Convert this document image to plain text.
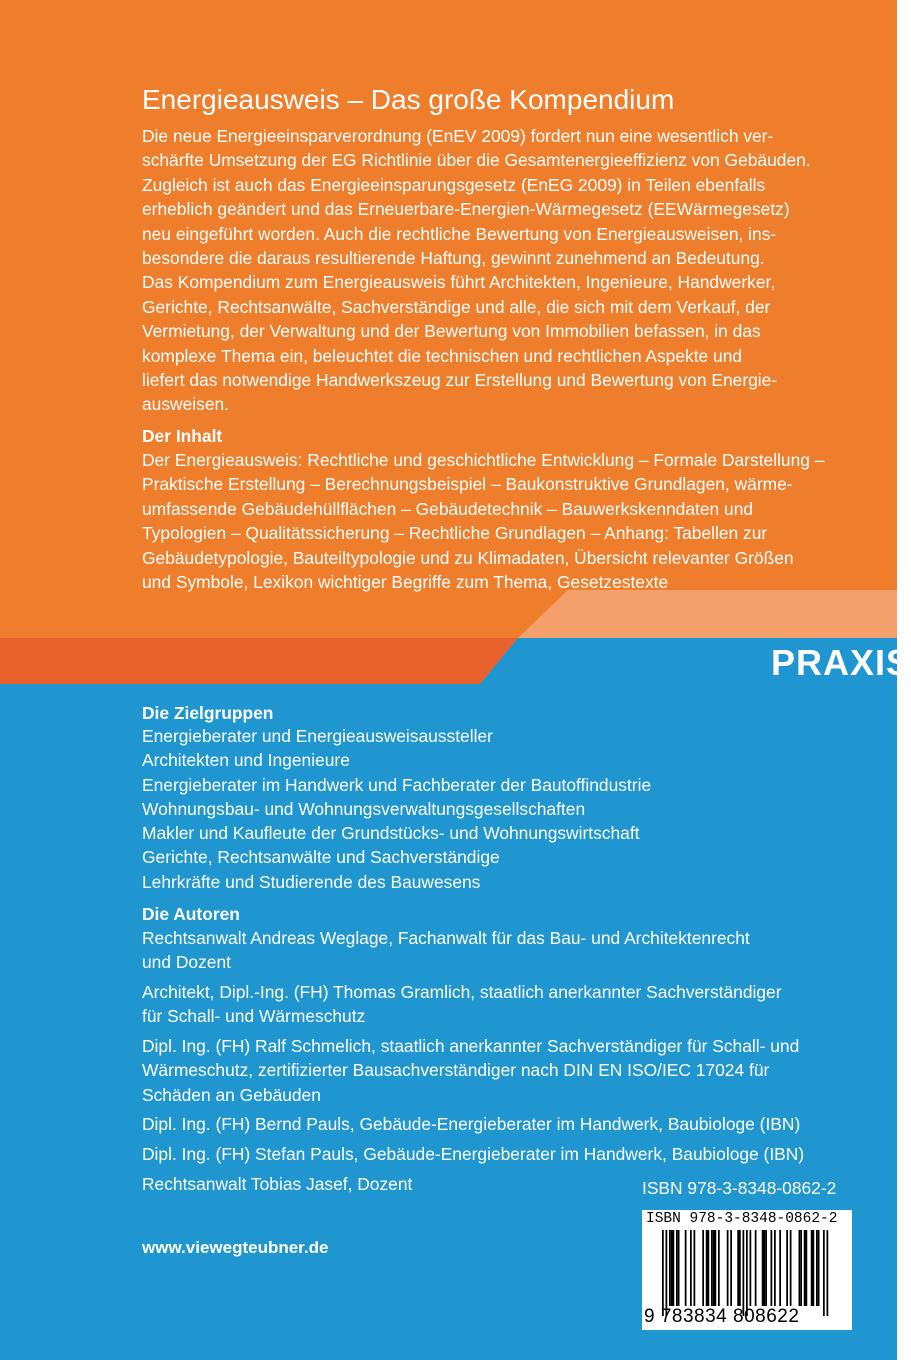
PRAXIS
Energieausweis – Das große Kompendium
Die neue Energieeinsparverordnung (EnEV 2009) fordert nun eine wesentlich ver-
schärfte Umsetzung der EG Richtlinie über die Gesamtenergieeffizienz von Gebäuden.
Zugleich ist auch das Energieeinsparungsgesetz (EnEG 2009) in Teilen ebenfalls
erheblich geändert und das Erneuerbare-Energien-Wärmegesetz (EEWärmegesetz)
neu eingeführt worden. Auch die rechtliche Bewertung von Energieausweisen, ins-
besondere die daraus resultierende Haftung, gewinnt zunehmend an Bedeutung.
Das Kompendium zum Energieausweis führt Architekten, Ingenieure, Handwerker,
Gerichte, Rechtsanwälte, Sachverständige und alle, die sich mit dem Verkauf, der
Vermietung, der Verwaltung und der Bewertung von Immobilien befassen, in das
komplexe Thema ein, beleuchtet die technischen und rechtlichen Aspekte und
liefert das notwendige Handwerkszeug zur Erstellung und Bewertung von Energie-
ausweisen.
Der Inhalt
Der Energieausweis: Rechtliche und geschichtliche Entwicklung – Formale Darstellung –
Praktische Erstellung – Berechnungsbeispiel – Baukonstruktive Grundlagen, wärme-
umfassende Gebäudehüllflächen – Gebäudetechnik – Bauwerkskenndaten und
Typologien – Qualitätssicherung – Rechtliche Grundlagen – Anhang: Tabellen zur
Gebäudetypologie, Bauteiltypologie und zu Klimadaten, Übersicht relevanter Größen
und Symbole, Lexikon wichtiger Begriffe zum Thema, Gesetzestexte
Die Zielgruppen
Energieberater und Energieausweisaussteller
Architekten und Ingenieure
Energieberater im Handwerk und Fachberater der Bautoffindustrie
Wohnungsbau- und Wohnungsverwaltungsgesellschaften
Makler und Kaufleute der Grundstücks- und Wohnungswirtschaft
Gerichte, Rechtsanwälte und Sachverständige
Lehrkräfte und Studierende des Bauwesens
Die Autoren
Rechtsanwalt Andreas Weglage, Fachanwalt für das Bau- und Architektenrecht
und Dozent
Architekt, Dipl.-Ing. (FH) Thomas Gramlich, staatlich anerkannter Sachverständiger
für Schall- und Wärmeschutz
Dipl. Ing. (FH) Ralf Schmelich, staatlich anerkannter Sachverständiger für Schall- und
Wärmeschutz, zertifizierter Bausachverständiger nach DIN EN ISO/IEC 17024 für
Schäden an Gebäuden
Dipl. Ing. (FH) Bernd Pauls, Gebäude-Energieberater im Handwerk, Baubiologe (IBN)
Dipl. Ing. (FH) Stefan Pauls, Gebäude-Energieberater im Handwerk, Baubiologe (IBN)
Rechtsanwalt Tobias Jasef, Dozent	ISBN 978-3-8348-0862-2
ISBN 978-3-8348-0862-2
9 783834 808622
www.viewegteubner.de
